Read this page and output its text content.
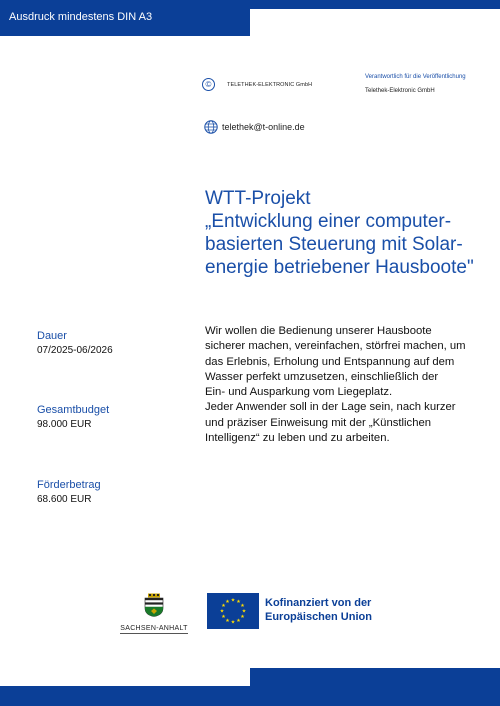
Ausdruck mindestens DIN A3
©	TELETHEK-ELEKTRONIC GmbH
Verantwortlich für die Veröffentlichung
Telethek-Elektronic GmbH
telethek@t-online.de
WTT-Projekt
„Entwicklung einer computer-
basierten Steuerung mit Solar-
energie betriebener Hausboote"
Dauer
07/2025-06/2026
Gesamtbudget
98.000 EUR
Förderbetrag
68.600 EUR
Wir wollen die Bedienung unserer Hausboote
sicherer machen, vereinfachen, störfrei machen, um
das Erlebnis, Erholung und Entspannung auf dem
Wasser perfekt umzusetzen, einschließlich der
Ein- und Ausparkung vom Liegeplatz.
Jeder Anwender soll in der Lage sein, nach kurzer
und präziser Einweisung mit der „Künstlichen
Intelligenz“ zu leben und zu arbeiten.
SACHSEN-ANHALT
★ ★
★
★
★
★
★
★
★
★
★
★	Kofinanziert von der
Europäischen Union
